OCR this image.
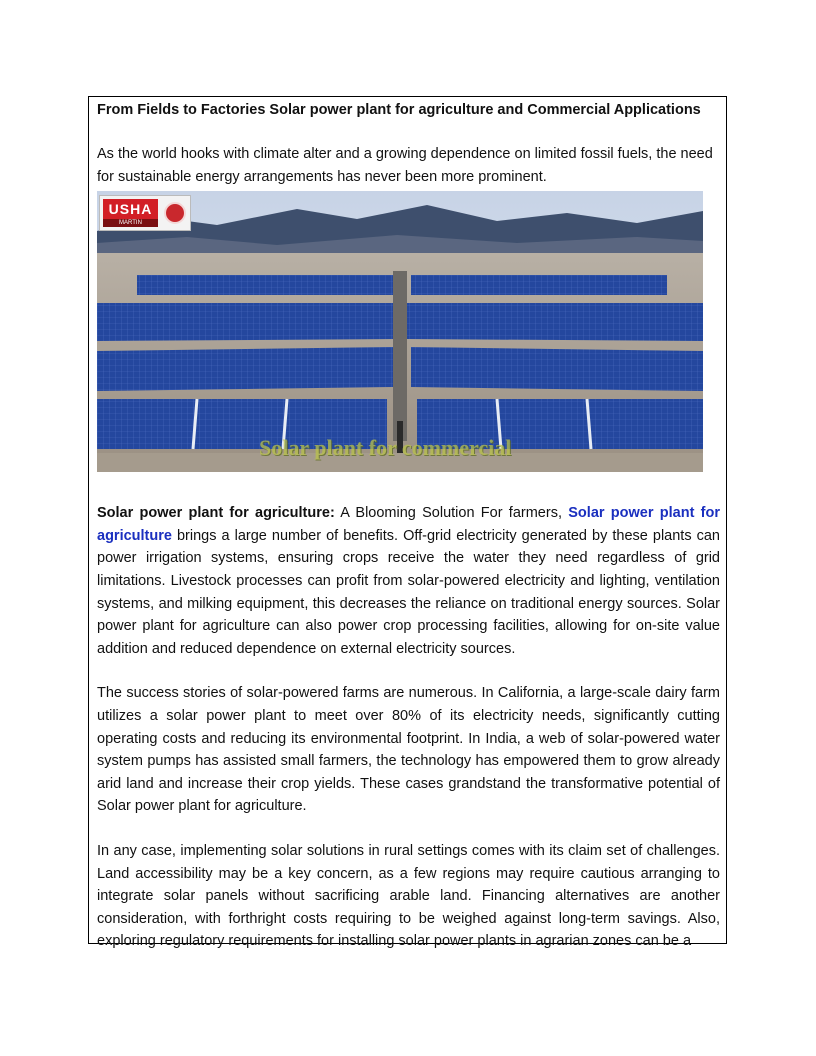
From Fields to Factories Solar power plant for agriculture and Commercial Applications

As the world hooks with climate alter and a growing dependence on limited fossil fuels, the need for sustainable energy arrangements has never been more prominent.

USHA
MARTIN
Solar plant for commercial

Solar power plant for agriculture: A Blooming Solution For farmers, Solar power plant for agriculture brings a large number of benefits. Off-grid electricity generated by these plants can power irrigation systems, ensuring crops receive the water they need regardless of grid limitations. Livestock processes can profit from solar-powered electricity and lighting, ventilation systems, and milking equipment, this decreases the reliance on traditional energy sources. Solar power plant for agriculture can also power crop processing facilities, allowing for on-site value addition and reduced dependence on external electricity sources.

The success stories of solar-powered farms are numerous. In California, a large-scale dairy farm utilizes a solar power plant to meet over 80% of its electricity needs, significantly cutting operating costs and reducing its environmental footprint. In India, a web of solar-powered water system pumps has assisted small farmers, the technology has empowered them to grow already arid land and increase their crop yields. These cases grandstand the transformative potential of Solar power plant for agriculture.

In any case, implementing solar solutions in rural settings comes with its claim set of challenges. Land accessibility may be a key concern, as a few regions may require cautious arranging to integrate solar panels without sacrificing arable land. Financing alternatives are another consideration, with forthright costs requiring to be weighed against long-term savings. Also, exploring regulatory requirements for installing solar power plants in agrarian zones can be a
